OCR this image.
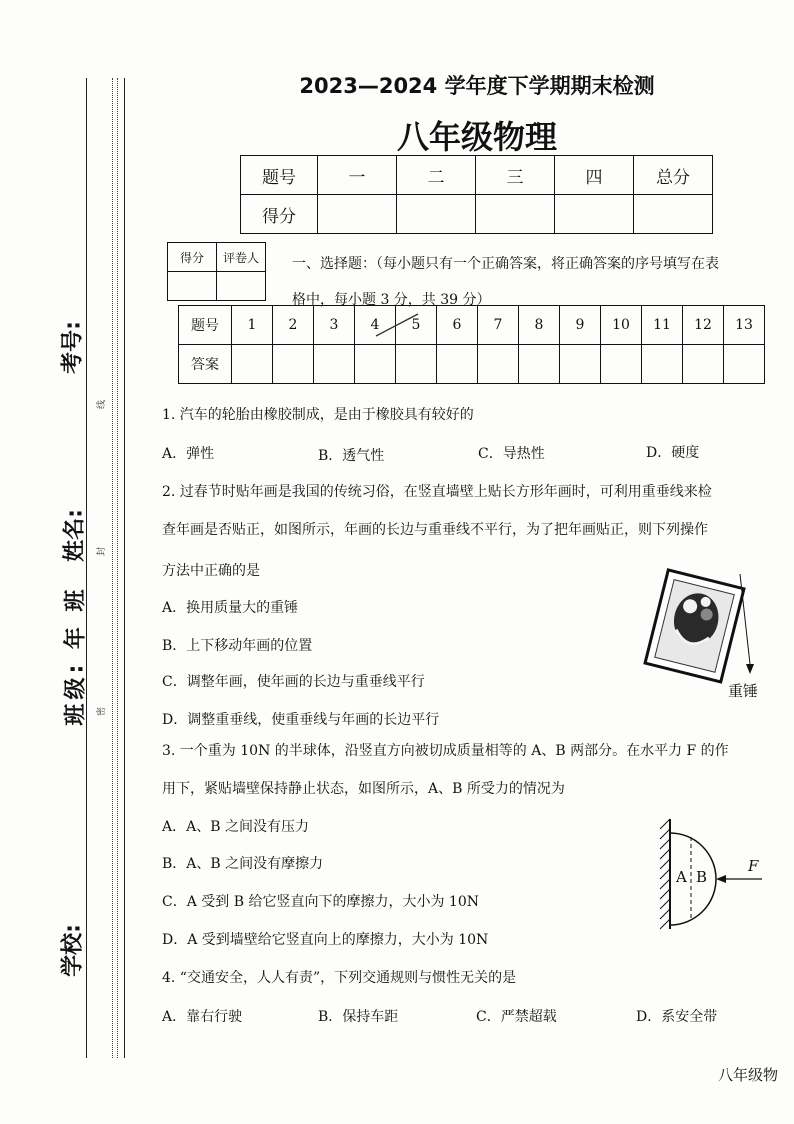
考号:
姓名:
班级: 年 班
学校:
线
封
密
2023—2024 学年度下学期期末检测
八年级物理
题号	一	二	三	四	总分
得分					
得分	评卷人
	一、选择题：（每小题只有一个正确答案，将正确答案的序号填写在表
格中，每小题 3 分，共 39 分）
题号	1	2	3	4	5	6	7	8	9	10	11	12	13
答案													
1. 汽车的轮胎由橡胶制成，是由于橡胶具有较好的
A．弹性	B．透气性	C．导热性	D．硬度
2. 过春节时贴年画是我国的传统习俗，在竖直墙壁上贴长方形年画时，可利用重垂线来检
查年画是否贴正，如图所示，年画的长边与重垂线不平行，为了把年画贴正，则下列操作
方法中正确的是
A．换用质量大的重锤
B．上下移动年画的位置
C．调整年画，使年画的长边与重垂线平行
D．调整重垂线，使重垂线与年画的长边平行
重锤
3. 一个重为 10N 的半球体，沿竖直方向被切成质量相等的 A、B 两部分。在水平力 F 的作
用下，紧贴墙壁保持静止状态，如图所示，A、B 所受力的情况为
A．A、B 之间没有压力
B．A、B 之间没有摩擦力
C．A 受到 B 给它竖直向下的摩擦力，大小为 10N
D．A 受到墙壁给它竖直向上的摩擦力，大小为 10N
A B
F
4. “交通安全，人人有责”，下列交通规则与惯性无关的是
A．靠右行驶	B．保持车距	C．严禁超载	D．系安全带
八年级物
